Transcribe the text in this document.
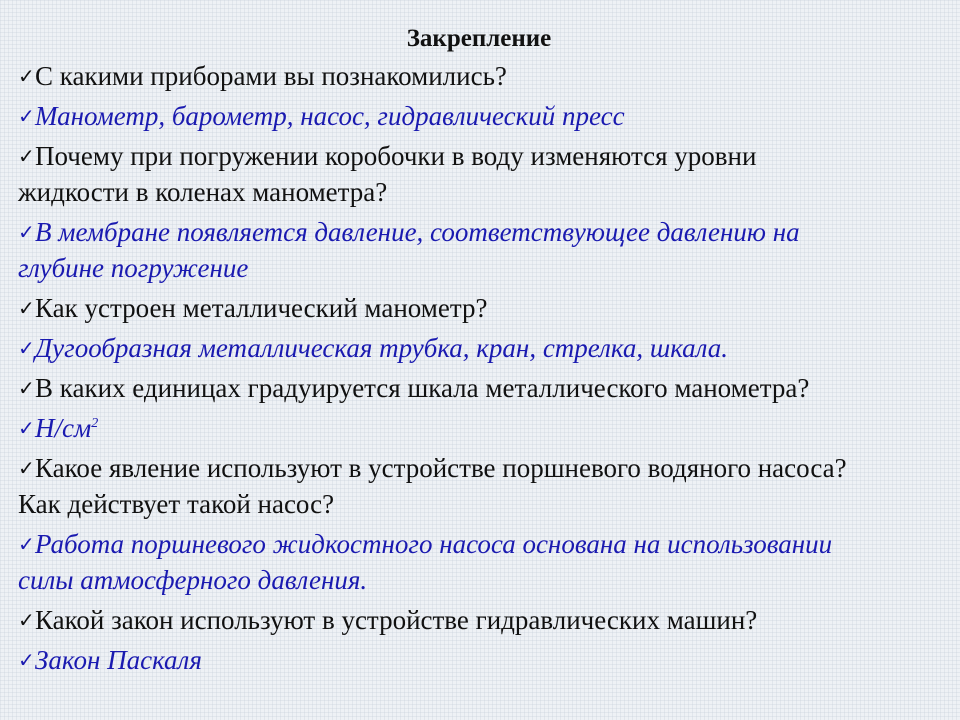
Закрепление
✓ С какими приборами вы познакомились?
✓ Манометр, барометр, насос, гидравлический пресс
✓ Почему при погружении коробочки в воду изменяются уровни
жидкости в коленах манометра?
✓ В мембране появляется давление, соответствующее давлению на
глубине погружение
✓ Как устроен металлический манометр?
✓ Дугообразная металлическая трубка, кран, стрелка, шкала.
✓ В каких единицах градуируется шкала металлического манометра?
✓ $Н/см^2$
✓ Какое явление используют в устройстве поршневого водяного насоса?
Как действует такой насос?
✓ Работа поршневого жидкостного насоса основана на использовании
силы атмосферного давления.
✓ Какой закон используют в устройстве гидравлических машин?
✓ Закон Паскаля
